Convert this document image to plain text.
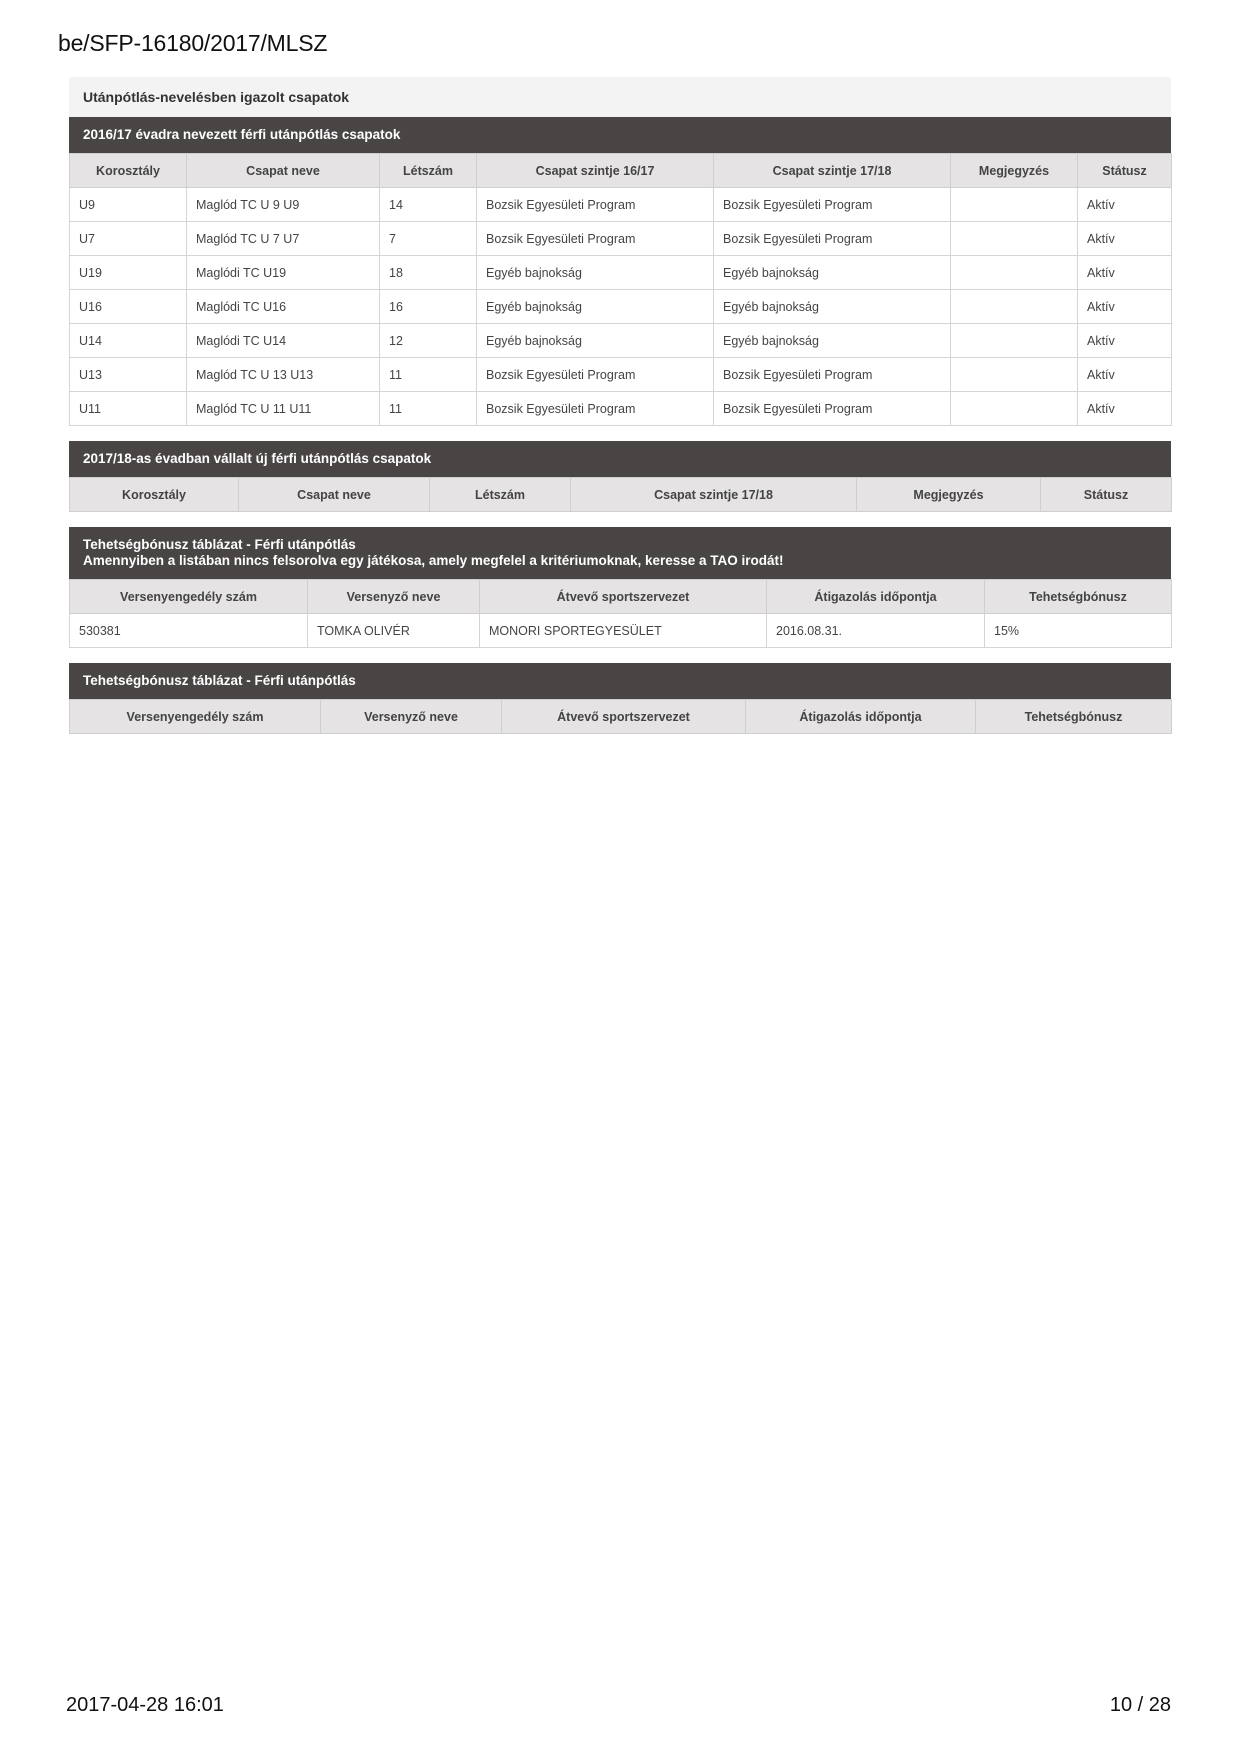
be/SFP-16180/2017/MLSZ
Utánpótlás-nevelésben igazolt csapatok
2016/17 évadra nevezett férfi utánpótlás csapatok
Korosztály	Csapat neve	Létszám	Csapat szintje 16/17	Csapat szintje 17/18	Megjegyzés	Státusz
U9	Maglód TC U 9 U9	14	Bozsik Egyesületi Program	Bozsik Egyesületi Program		Aktív
U7	Maglód TC U 7 U7	7	Bozsik Egyesületi Program	Bozsik Egyesületi Program		Aktív
U19	Maglódi TC U19	18	Egyéb bajnokság	Egyéb bajnokság		Aktív
U16	Maglódi TC U16	16	Egyéb bajnokság	Egyéb bajnokság		Aktív
U14	Maglódi TC U14	12	Egyéb bajnokság	Egyéb bajnokság		Aktív
U13	Maglód TC U 13 U13	11	Bozsik Egyesületi Program	Bozsik Egyesületi Program		Aktív
U11	Maglód TC U 11 U11	11	Bozsik Egyesületi Program	Bozsik Egyesületi Program		Aktív
2017/18-as évadban vállalt új férfi utánpótlás csapatok
Korosztály	Csapat neve	Létszám	Csapat szintje 17/18	Megjegyzés	Státusz
Tehetségbónusz táblázat - Férfi utánpótlás
Amennyiben a listában nincs felsorolva egy játékosa, amely megfelel a kritériumoknak, keresse a TAO irodát!
Versenyengedély szám	Versenyző neve	Átvevő sportszervezet	Átigazolás időpontja	Tehetségbónusz
530381	TOMKA OLIVÉR	MONORI SPORTEGYESÜLET	2016.08.31.	15%
Tehetségbónusz táblázat - Férfi utánpótlás
Versenyengedély szám	Versenyző neve	Átvevő sportszervezet	Átigazolás időpontja	Tehetségbónusz
2017-04-28 16:01	10 / 28
